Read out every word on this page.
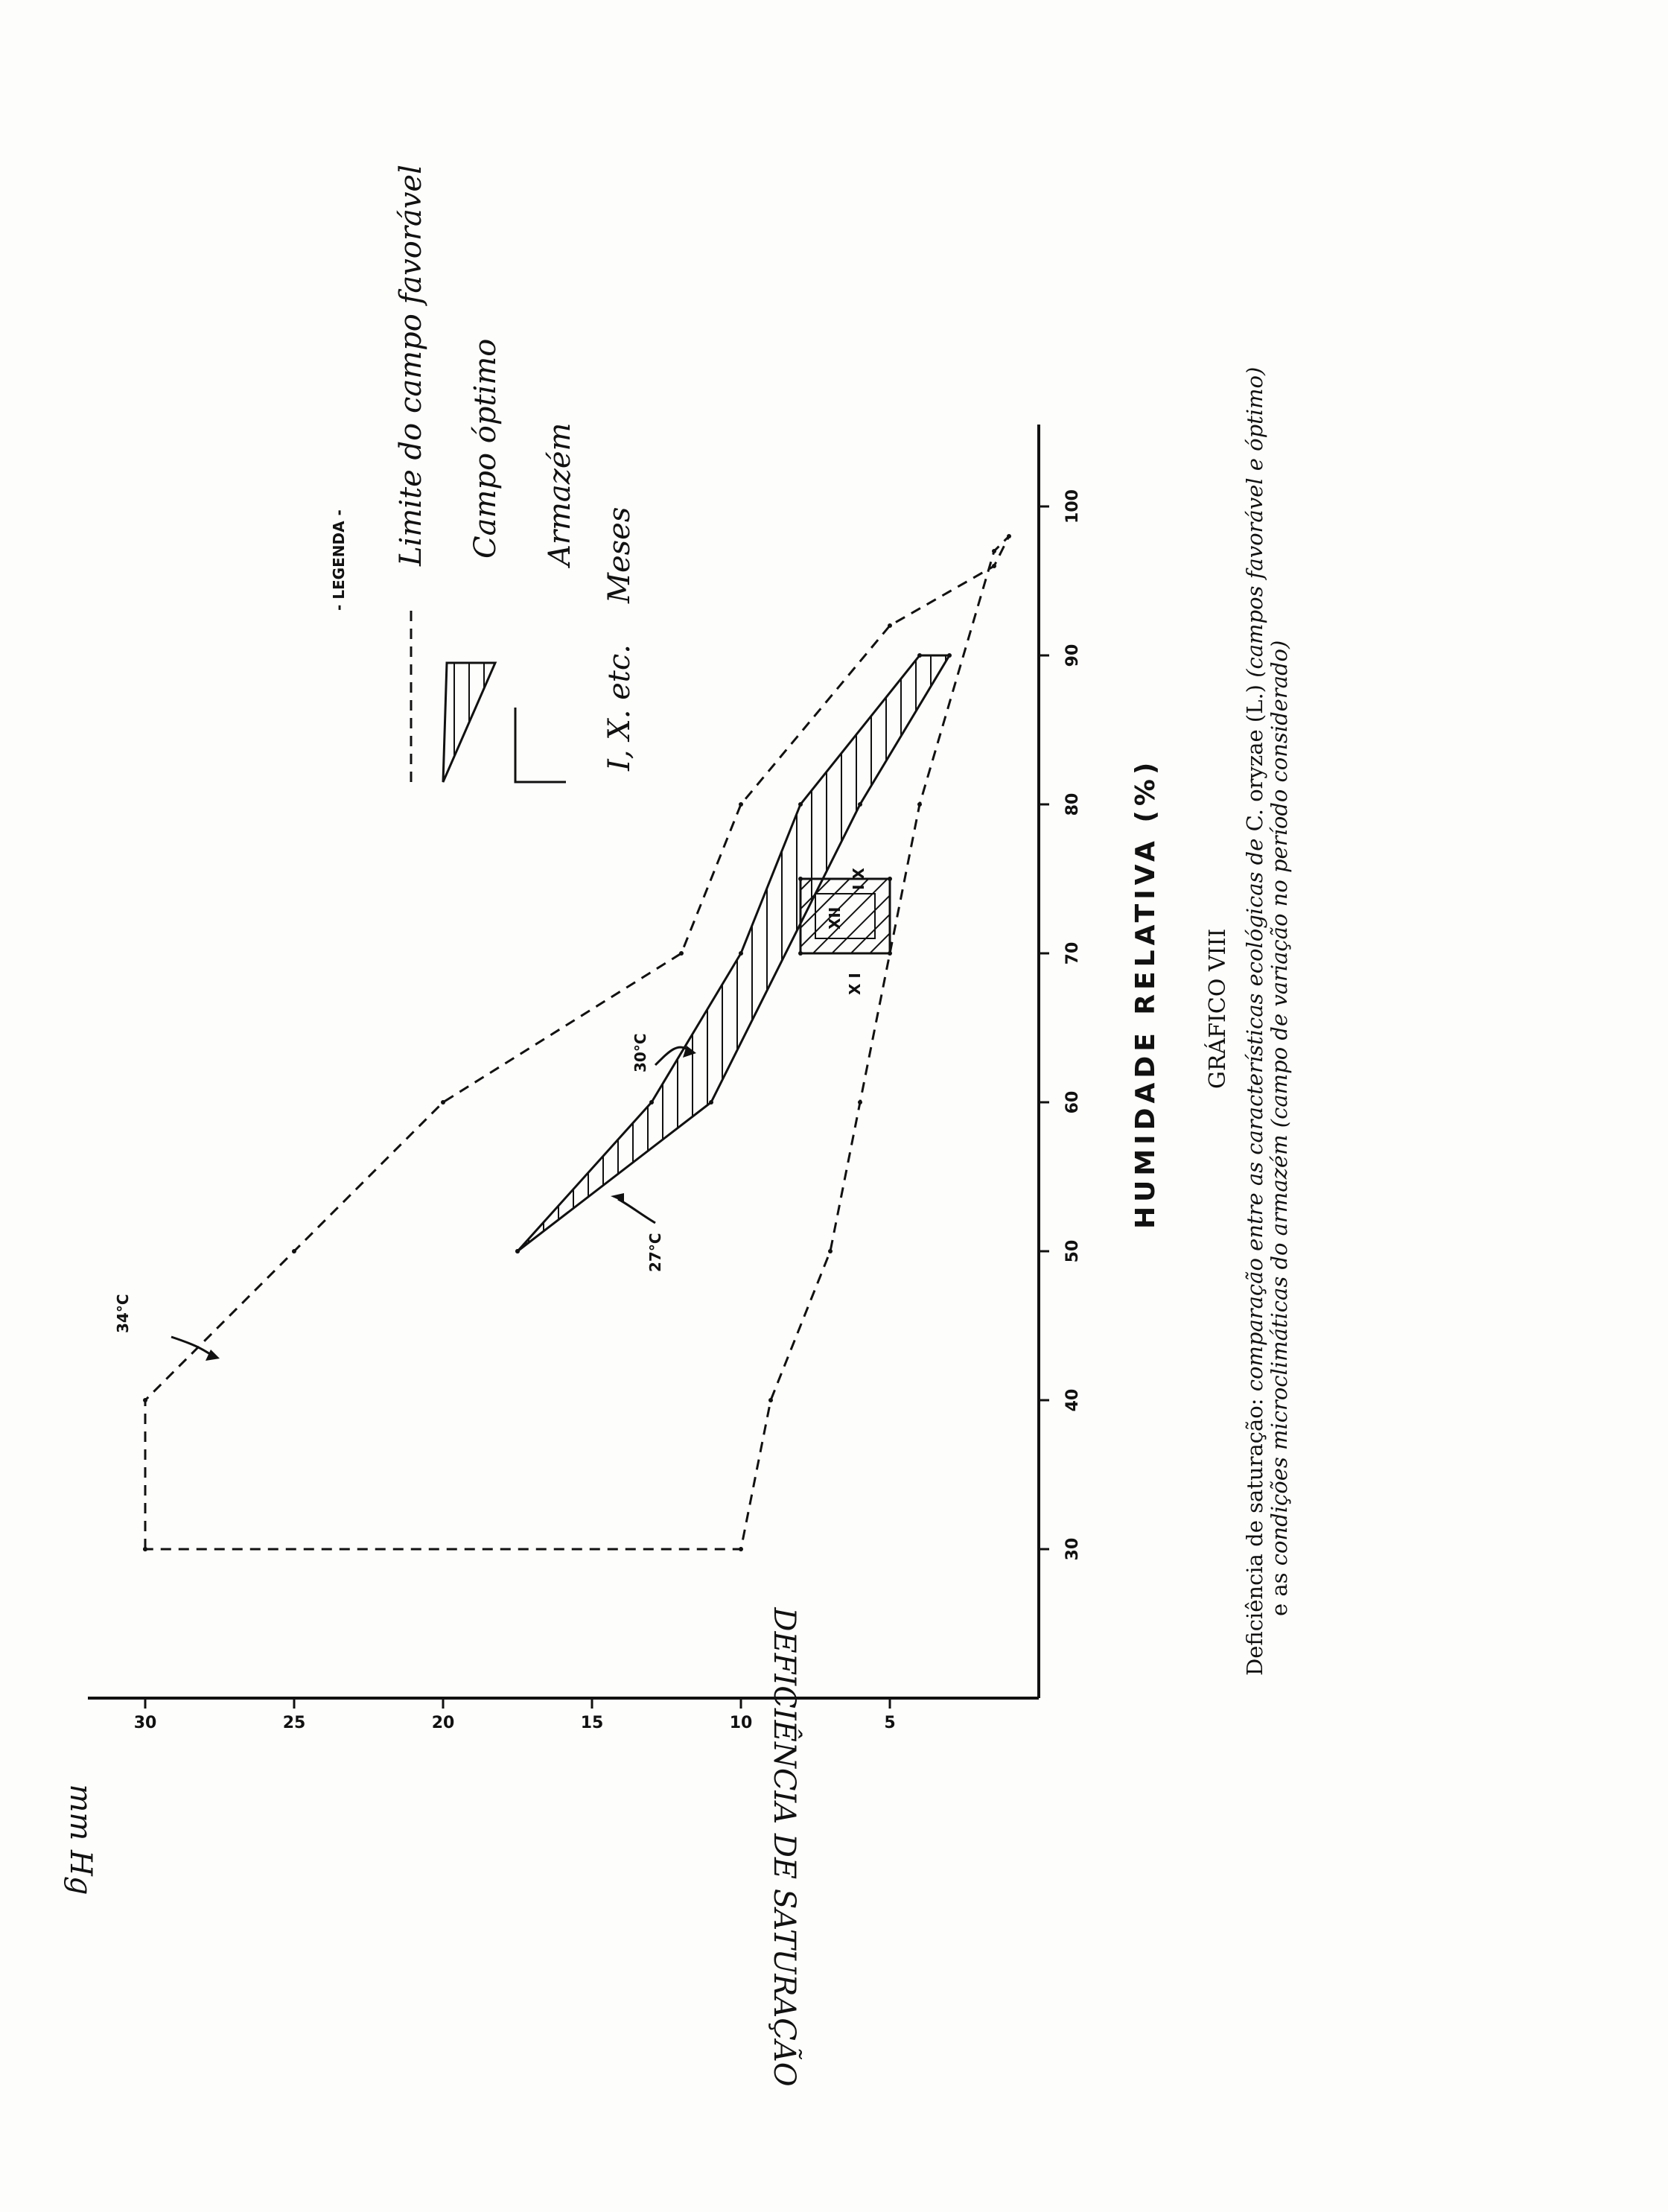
30
40
50
60
70
80
90
100
5
10
15
20
25
30
HUMIDADE RELATIVA (%)
DEFICIÊNCIA DE SATURAÇÃO
mm Hg
34°C
30°C
27°C
I X
XII
X I
- LEGENDA - Limite do campo favorável Campo óptimo Armazém
I, X. etc.
Meses
GRÁFICO VIII
Deficiência de saturação: comparação entre as características ecológicas de C. oryzae (L.) (campos favorável e óptimo)
e as condições microclimáticas do armazém (campo de variação no período considerado)
